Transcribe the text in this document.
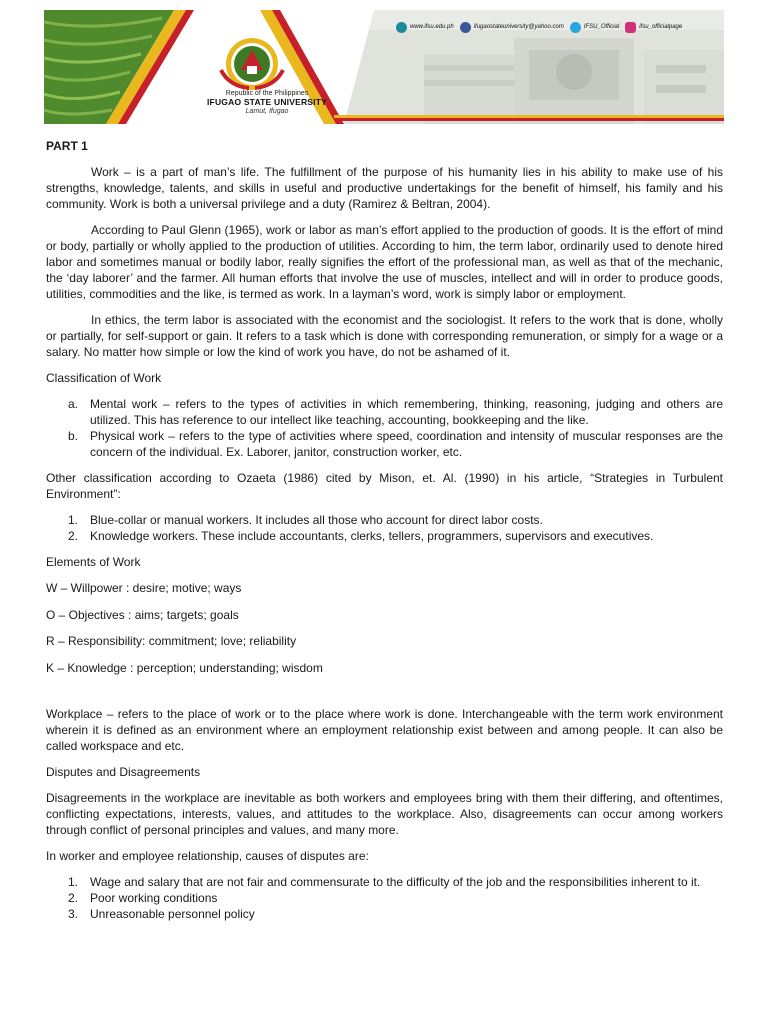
Republic of the Philippines
IFUGAO STATE UNIVERSITY
Lamut, Ifugao
www.ifsu.edu.ph	ifugaostateuniversity@yahoo.com	IFSU_Official	ifsu_officialpage
PART 1

Work – is a part of man’s life. The fulfillment of the purpose of his humanity lies in his ability to make use of his strengths, knowledge, talents, and skills in useful and productive undertakings for the benefit of himself, his family and his community. Work is both a universal privilege and a duty (Ramirez & Beltran, 2004).

According to Paul Glenn (1965), work or labor as man’s effort applied to the production of goods. It is the effort of mind or body, partially or wholly applied to the production of utilities. According to him, the term labor, ordinarily used to denote hired labor and sometimes manual or bodily labor, really signifies the effort of the professional man, as well as that of the mechanic, the ‘day laborer’ and the farmer. All human efforts that involve the use of muscles, intellect and will in order to produce goods, utilities, commodities and the like, is termed as work. In a layman’s word, work is simply labor or employment.

In ethics, the term labor is associated with the economist and the sociologist. It refers to the work that is done, wholly or partially, for self-support or gain. It refers to a task which is done with corresponding remuneration, or simply for a wage or a salary. No matter how simple or low the kind of work you have, do not be ashamed of it.

Classification of Work
a. Mental work – refers to the types of activities in which remembering, thinking, reasoning, judging and others are utilized. This has reference to our intellect like teaching, accounting, bookkeeping and the like.
b. Physical work – refers to the type of activities where speed, coordination and intensity of muscular responses are the concern of the individual. Ex. Laborer, janitor, construction worker, etc.

Other classification according to Ozaeta (1986) cited by Mison, et. Al. (1990) in his article, “Strategies in Turbulent Environment”:

1. Blue-collar or manual workers. It includes all those who account for direct labor costs.
2. Knowledge workers. These include accountants, clerks, tellers, programmers, supervisors and executives.
Elements of Work
W – Willpower : desire; motive; ways
O – Objectives : aims; targets; goals
R – Responsibility: commitment; love; reliability
K – Knowledge : perception; understanding; wisdom

Workplace – refers to the place of work or to the place where work is done. Interchangeable with the term work environment wherein it is defined as an environment where an employment relationship exist between and among people. It can also be called workspace and etc.

Disputes and Disagreements

Disagreements in the workplace are inevitable as both workers and employees bring with them their differing, and oftentimes, conflicting expectations, interests, values, and attitudes to the workplace. Also, disagreements can occur among workers through conflict of personal principles and values, and many more.

In worker and employee relationship, causes of disputes are:
1. Wage and salary that are not fair and commensurate to the difficulty of the job and the responsibilities inherent to it.
2. Poor working conditions
3. Unreasonable personnel policy
